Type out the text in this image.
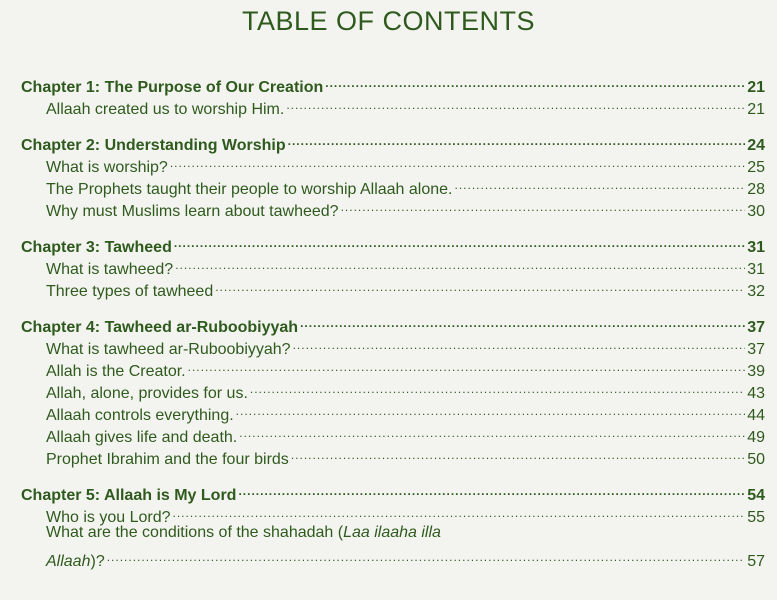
TABLE OF CONTENTS
Chapter 1: The Purpose of Our Creation .....	21
Allaah created us to worship Him. .....	21
Chapter 2: Understanding Worship .....	24
What is worship? .....	25
The Prophets taught their people to worship Allaah alone. .....	28
Why must Muslims learn about tawheed? .....	30
Chapter 3: Tawheed .....	31
What is tawheed? .....	31
Three types of tawheed .....	32
Chapter 4: Tawheed ar-Ruboobiyyah .....	37
What is tawheed ar-Ruboobiyyah? .....	37
Allah is the Creator. .....	39
Allah, alone, provides for us. .....	43
Allaah controls everything. .....	44
Allaah gives life and death. .....	49
Prophet Ibrahim and the four birds .....	50
Chapter 5: Allaah is My Lord .....	54
Who is you Lord? .....	55
What are the conditions of the shahadah (Laa ilaaha illa
Allaah)? .....	57
